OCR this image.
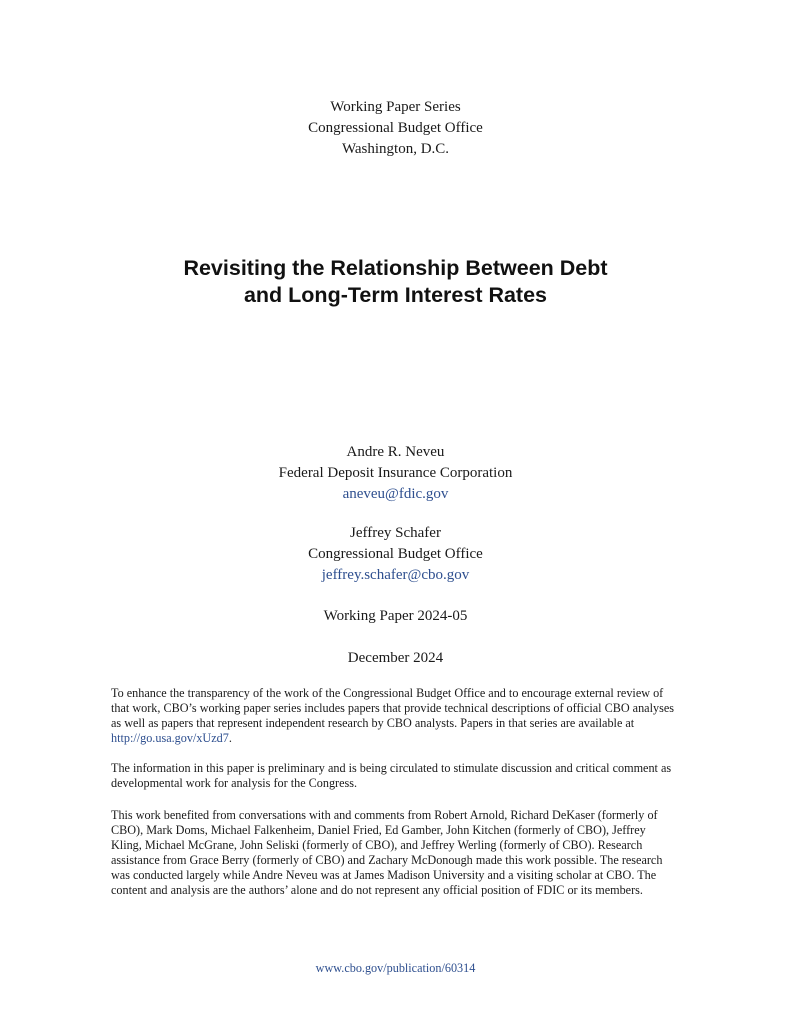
Working Paper Series
Congressional Budget Office
Washington, D.C.
Revisiting the Relationship Between Debt
and Long-Term Interest Rates
Andre R. Neveu
Federal Deposit Insurance Corporation
aneveu@fdic.gov
Jeffrey Schafer
Congressional Budget Office
jeffrey.schafer@cbo.gov
Working Paper 2024-05
December 2024

To enhance the transparency of the work of the Congressional Budget Office and to encourage external review of that work, CBO’s working paper series includes papers that provide technical descriptions of official CBO analyses as well as papers that represent independent research by CBO analysts. Papers in that series are available at http://go.usa.gov/xUzd7.

The information in this paper is preliminary and is being circulated to stimulate discussion and critical comment as developmental work for analysis for the Congress.

This work benefited from conversations with and comments from Robert Arnold, Richard DeKaser (formerly of CBO), Mark Doms, Michael Falkenheim, Daniel Fried, Ed Gamber, John Kitchen (formerly of CBO), Jeffrey Kling, Michael McGrane, John Seliski (formerly of CBO), and Jeffrey Werling (formerly of CBO). Research assistance from Grace Berry (formerly of CBO) and Zachary McDonough made this work possible. The research was conducted largely while Andre Neveu was at James Madison University and a visiting scholar at CBO. The content and analysis are the authors’ alone and do not represent any official position of FDIC or its members.

www.cbo.gov/publication/60314
